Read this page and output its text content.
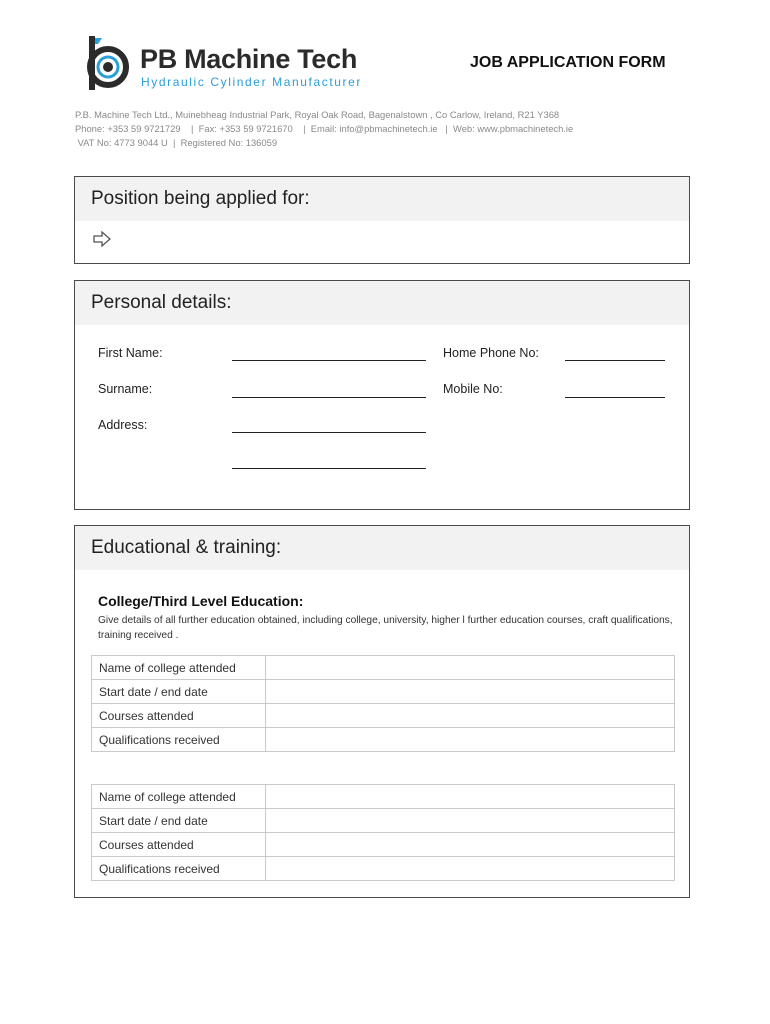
PB Machine Tech
Hydraulic Cylinder Manufacturer
JOB APPLICATION FORM
P.B. Machine Tech Ltd., Muinebheag Industrial Park, Royal Oak Road, Bagenalstown , Co Carlow, Ireland, R21 Y368
Phone: +353 59 9721729    |  Fax: +353 59 9721670    |  Email: info@pbmachinetech.ie   |  Web: www.pbmachinetech.ie
VAT No: 4773 9044 U  |  Registered No: 136059
Position being applied for:
Personal details:
First Name:
Surname:
Address:
Home Phone No:
Mobile No:
Educational & training:
College/Third Level Education:
Give details of all further education obtained, including college, university, higher l further education courses, craft qualifications, training received .
Name of college attended	
Start date / end date	
Courses attended	
Qualifications received	
Name of college attended	
Start date / end date	
Courses attended	
Qualifications received	
